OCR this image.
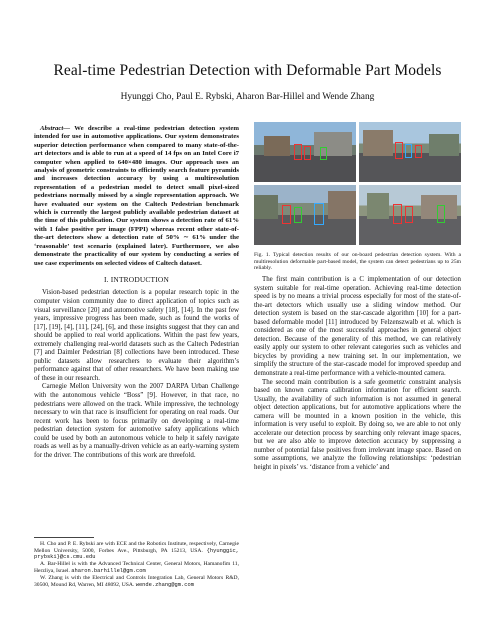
Real-time Pedestrian Detection with Deformable Part Models
Hyunggi Cho, Paul E. Rybski, Aharon Bar-Hillel and Wende Zhang

Abstract— We describe a real-time pedestrian detection system intended for use in automotive applications. Our system demonstrates superior detection performance when compared to many state-of-the-art detectors and is able to run at a speed of 14 fps on an Intel Core i7 computer when applied to 640×480 images. Our approach uses an analysis of geometric constraints to efficiently search feature pyramids and increases detection accuracy by using a multiresolution representation of a pedestrian model to detect small pixel-sized pedestrians normally missed by a single representation approach. We have evaluated our system on the Caltech Pedestrian benchmark which is currently the largest publicly available pedestrian dataset at the time of this publication. Our system shows a detection rate of 61% with 1 false positive per image (FPPI) whereas recent other state-of-the-art detectors show a detection rate of 50% ∼ 61% under the ‘reasonable’ test scenario (explained later). Furthermore, we also demonstrate the practicality of our system by conducting a series of use case experiments on selected videos of Caltech dataset.

I. INTRODUCTION

Vision-based pedestrian detection is a popular research topic in the computer vision community due to direct application of topics such as visual surveillance [20] and automotive safety [18], [14]. In the past few years, impressive progress has been made, such as found the works of [17], [19], [4], [11], [24], [6], and these insights suggest that they can and should be applied to real world applications. Within the past few years, extremely challenging real-world datasets such as the Caltech Pedestrian [7] and Daimler Pedestrian [8] collections have been introduced. These public datasets allow researchers to evaluate their algorithm’s performance against that of other researchers. We have been making use of these in our research.

Carnegie Mellon University won the 2007 DARPA Urban Challenge with the autonomous vehicle “Boss” [9]. However, in that race, no pedestrians were allowed on the track. While impressive, the technology necessary to win that race is insufficient for operating on real roads. Our recent work has been to focus primarily on developing a real-time pedestrian detection system for automotive safety applications which could be used by both an autonomous vehicle to help it safely navigate roads as well as by a manually-driven vehicle as an early-warning system for the driver. The contributions of this work are threefold.

H. Cho and P. E. Rybski are with ECE and the Robotics Institute, respectively, Carnegie Mellon University, 5000, Forbes Ave., Pittsburgh, PA 15213, USA. {hyunggic, prybski}@cs.cmu.edu

A. Bar-Hillel is with the Advanced Technical Center, General Motors, Hamanofim 11, Herzliya, Israel. aharon.barhillel@gm.com

W. Zhang is with the Electrical and Controls Integration Lab, General Motors R&D, 30500, Mound Rd, Warren, MI 48092, USA. wende.zhang@gm.com

Fig. 1. Typical detection results of our on-board pedestrian detection system. With a multiresolution deformable part-based model, the system can detect pedestrians up to 25m reliably.

The first main contribution is a C implementation of our detection system suitable for real-time operation. Achieving real-time detection speed is by no means a trivial process especially for most of the state-of-the-art detectors which usually use a sliding window method. Our detection system is based on the star-cascade algorithm [10] for a part-based deformable model [11] introduced by Felzenszwalb et al. which is considered as one of the most successful approaches in general object detection. Because of the generality of this method, we can relatively easily apply our system to other relevant categories such as vehicles and bicycles by providing a new training set. In our implementation, we simplify the structure of the star-cascade model for improved speedup and demonstrate a real-time performance with a vehicle-mounted camera.

The second main contribution is a safe geometric constraint analysis based on known camera calibration information for efficient search. Usually, the availability of such information is not assumed in general object detection applications, but for automotive applications where the camera will be mounted in a known position in the vehicle, this information is very useful to exploit. By doing so, we are able to not only accelerate our detection process by searching only relevant image spaces, but we are also able to improve detection accuracy by suppressing a number of potential false positives from irrelevant image space. Based on some assumptions, we analyze the following relationships: ‘pedestrian height in pixels’ vs. ‘distance from a vehicle’ and
